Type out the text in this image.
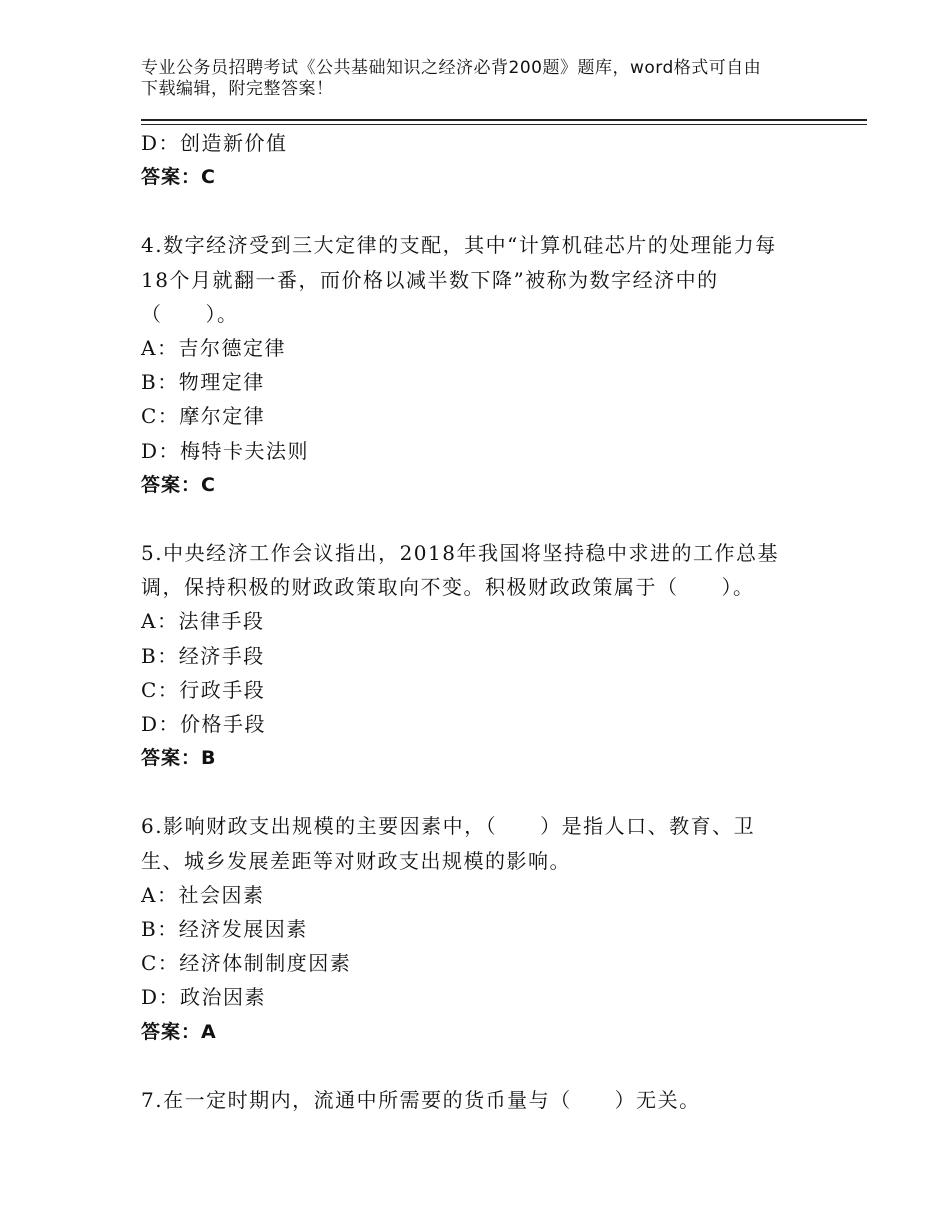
专业公务员招聘考试《公共基础知识之经济必背200题》题库，word格式可自由
下载编辑，附完整答案！
D：创造新价值
答案：C
4.数字经济受到三大定律的支配，其中“计算机硅芯片的处理能力每
18个月就翻一番，而价格以减半数下降”被称为数字经济中的
（　　）。
A：吉尔德定律
B：物理定律
C：摩尔定律
D：梅特卡夫法则
答案：C
5.中央经济工作会议指出，2018年我国将坚持稳中求进的工作总基
调，保持积极的财政政策取向不变。积极财政政策属于（　　）。
A：法律手段
B：经济手段
C：行政手段
D：价格手段
答案：B
6.影响财政支出规模的主要因素中，（　　）是指人口、教育、卫
生、城乡发展差距等对财政支出规模的影响。
A：社会因素
B：经济发展因素
C：经济体制制度因素
D：政治因素
答案：A
7.在一定时期内，流通中所需要的货币量与（　　）无关。
